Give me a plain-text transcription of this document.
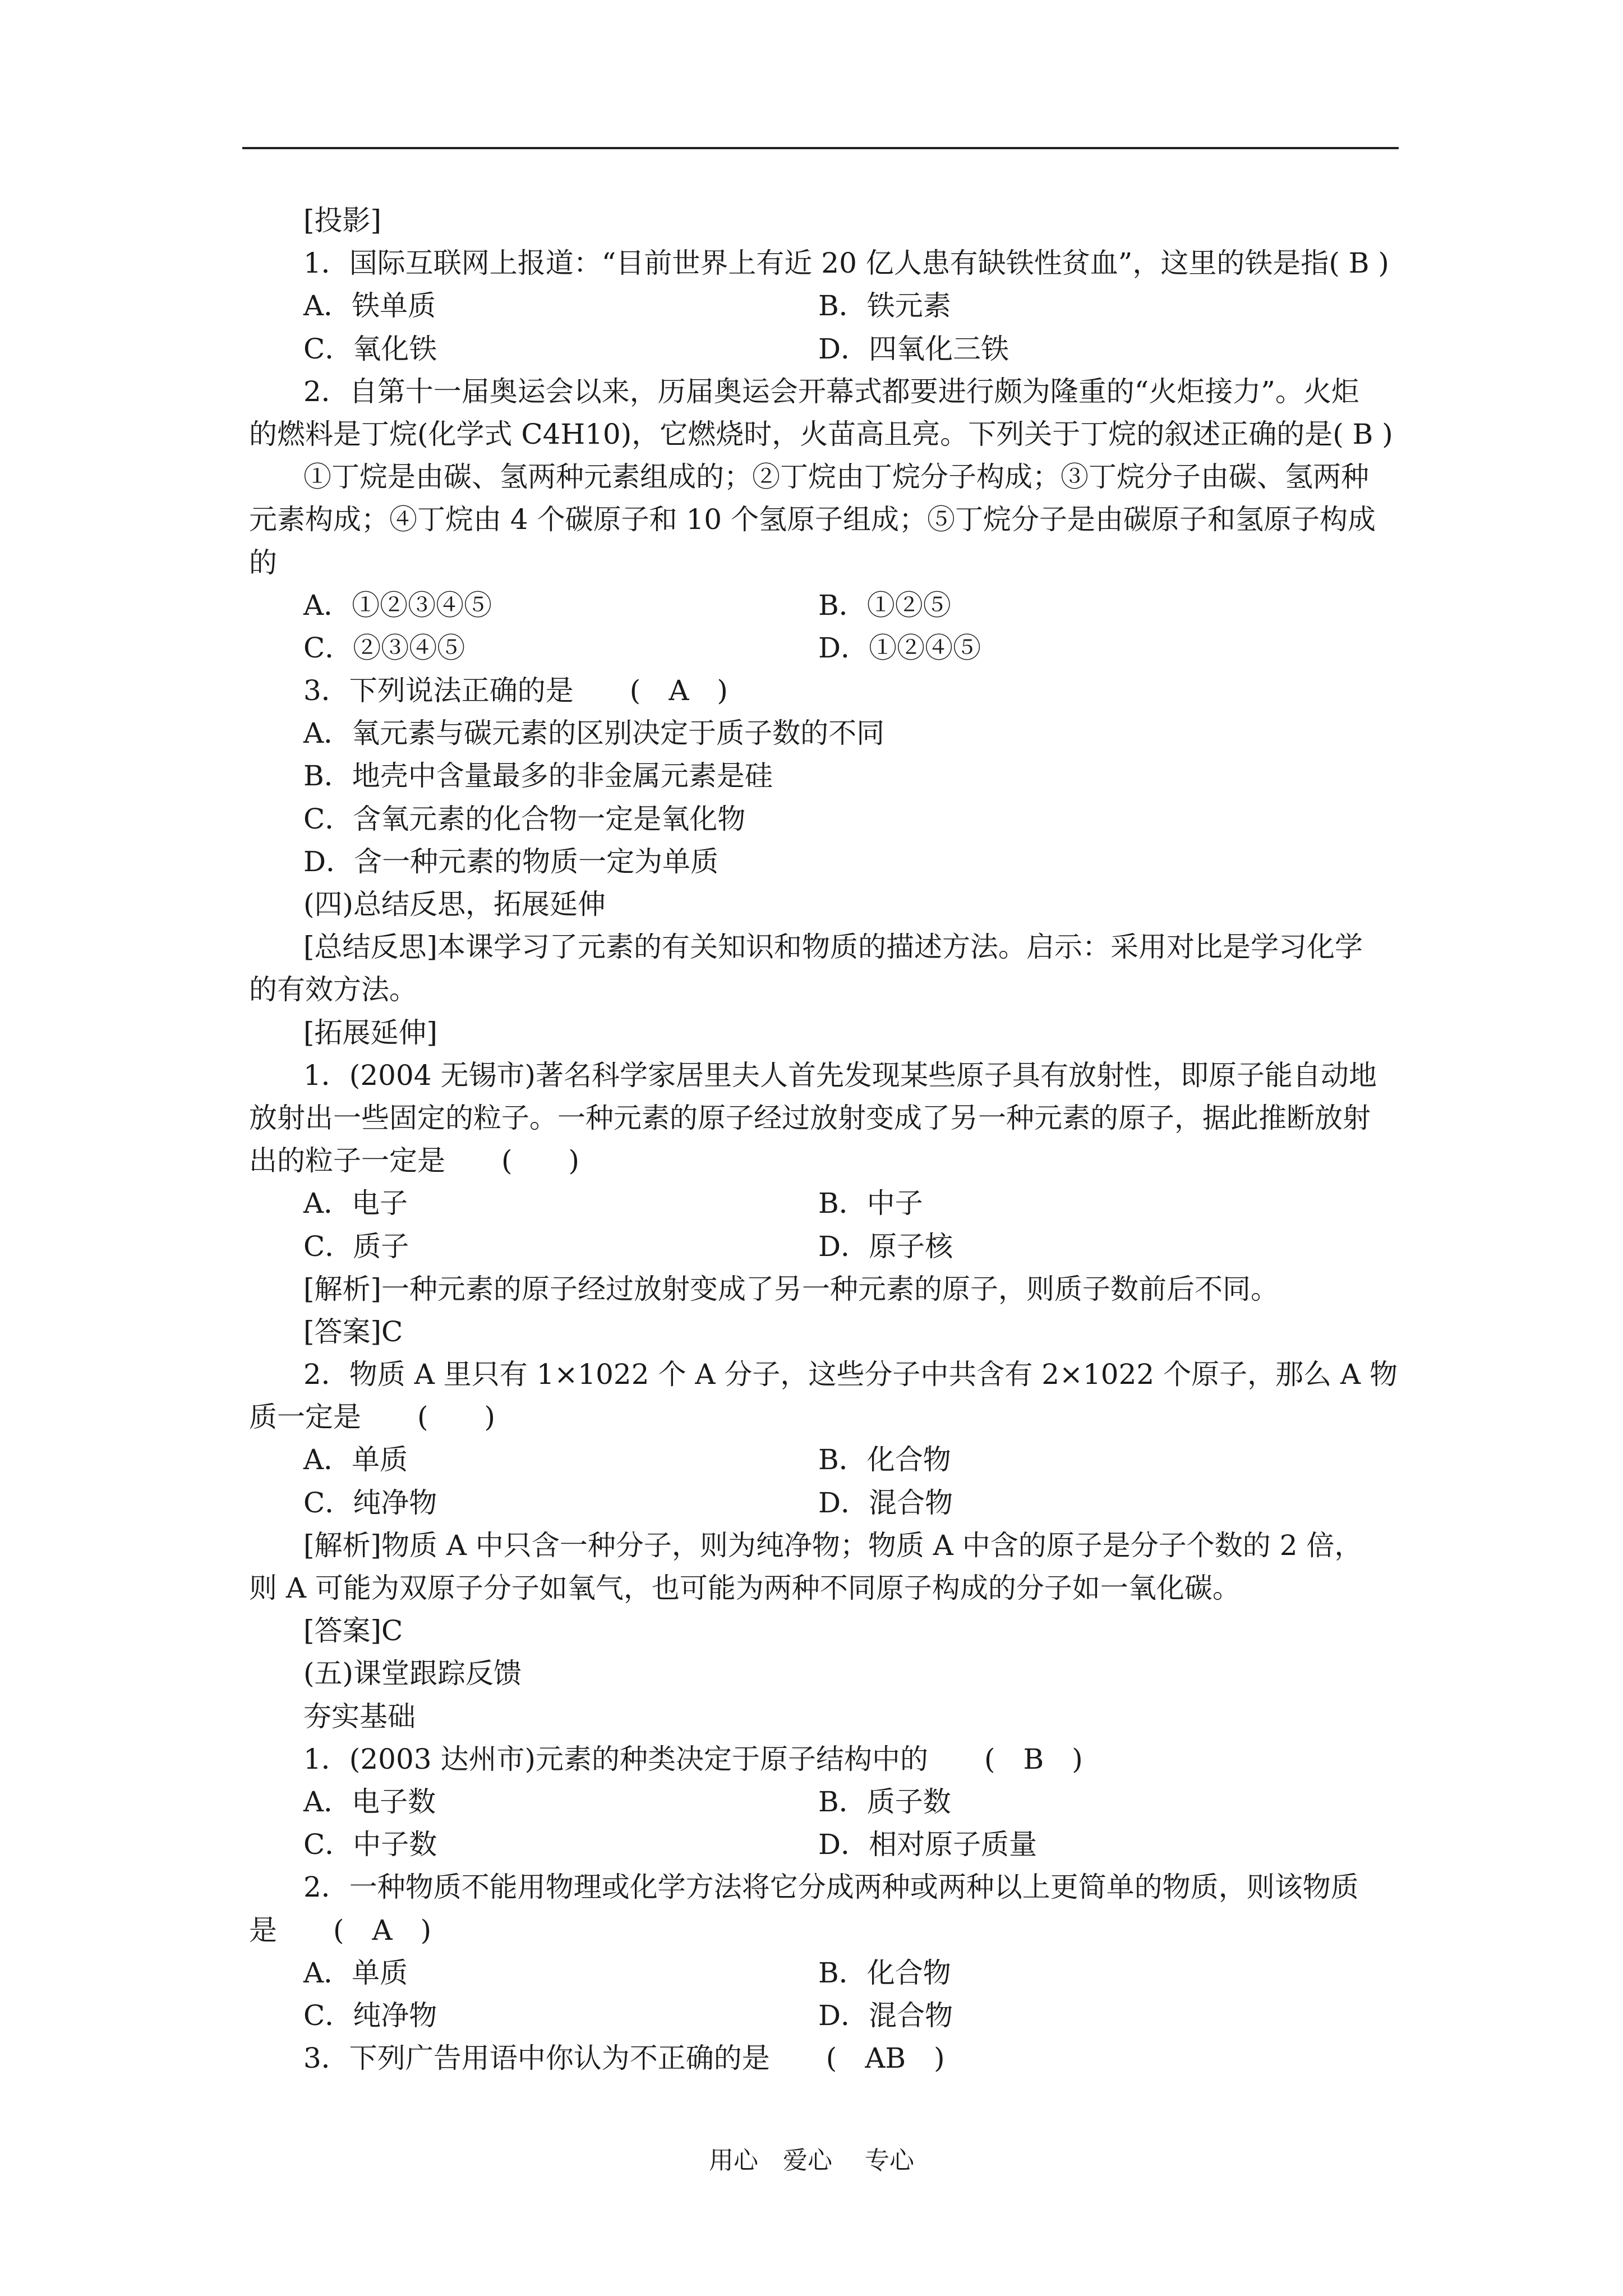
[投影]
1．国际互联网上报道：“目前世界上有近 20 亿人患有缺铁性贫血”，这里的铁是指( B )
A．铁单质	B．铁元素
C．氧化铁	D．四氧化三铁
2．自第十一届奥运会以来，历届奥运会开幕式都要进行颇为隆重的“火炬接力”。火炬
的燃料是丁烷(化学式 C4H10)，它燃烧时，火苗高且亮。下列关于丁烷的叙述正确的是( B )
①丁烷是由碳、氢两种元素组成的；②丁烷由丁烷分子构成；③丁烷分子由碳、氢两种
元素构成；④丁烷由 4 个碳原子和 10 个氢原子组成；⑤丁烷分子是由碳原子和氢原子构成
的
A．①②③④⑤	B．①②⑤
C．②③④⑤	D．①②④⑤
3．下列说法正确的是　　(　A　)
A．氧元素与碳元素的区别决定于质子数的不同
B．地壳中含量最多的非金属元素是硅
C．含氧元素的化合物一定是氧化物
D．含一种元素的物质一定为单质
(四)总结反思，拓展延伸
[总结反思]本课学习了元素的有关知识和物质的描述方法。启示：采用对比是学习化学
的有效方法。
[拓展延伸]
1．(2004 无锡市)著名科学家居里夫人首先发现某些原子具有放射性，即原子能自动地
放射出一些固定的粒子。一种元素的原子经过放射变成了另一种元素的原子，据此推断放射
出的粒子一定是　　(　　)
A．电子	B．中子
C．质子	D．原子核
[解析]一种元素的原子经过放射变成了另一种元素的原子，则质子数前后不同。
[答案]C
2．物质 A 里只有 1×1022 个 A 分子，这些分子中共含有 2×1022 个原子，那么 A 物
质一定是　　(　　)
A．单质	B．化合物
C．纯净物	D．混合物
[解析]物质 A 中只含一种分子，则为纯净物；物质 A 中含的原子是分子个数的 2 倍，
则 A 可能为双原子分子如氧气，也可能为两种不同原子构成的分子如一氧化碳。
[答案]C
(五)课堂跟踪反馈
夯实基础
1．(2003 达州市)元素的种类决定于原子结构中的　　(　B　)
A．电子数	B．质子数
C．中子数	D．相对原子质量
2．一种物质不能用物理或化学方法将它分成两种或两种以上更简单的物质，则该物质
是　　(　A　)
A．单质	B．化合物
C．纯净物	D．混合物
3．下列广告用语中你认为不正确的是　　(　AB　)
用心　爱心　 专心
